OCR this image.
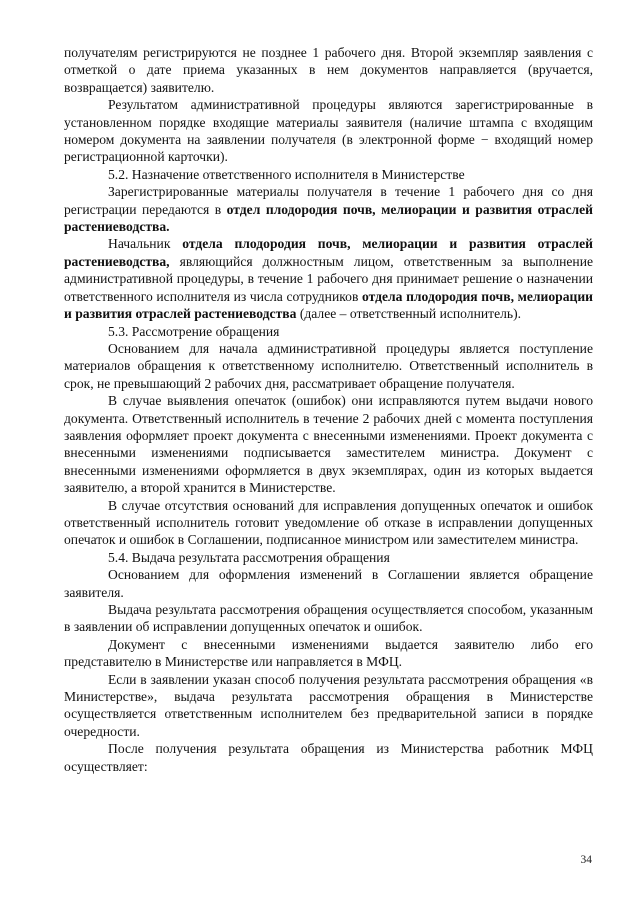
получателям регистрируются не позднее 1 рабочего дня. Второй экземпляр заявления с отметкой о дате приема указанных в нем документов направляется (вручается, возвращается) заявителю.

Результатом административной процедуры являются зарегистрированные в установленном порядке входящие материалы заявителя (наличие штампа с входящим номером документа на заявлении получателя (в электронной форме − входящий номер регистрационной карточки).

5.2. Назначение ответственного исполнителя в Министерстве

Зарегистрированные материалы получателя в течение 1 рабочего дня со дня регистрации передаются в отдел плодородия почв, мелиорации и развития отраслей растениеводства.

Начальник отдела плодородия почв, мелиорации и развития отраслей растениеводства, являющийся должностным лицом, ответственным за выполнение административной процедуры, в течение 1 рабочего дня принимает решение о назначении ответственного исполнителя из числа сотрудников отдела плодородия почв, мелиорации и развития отраслей растениеводства (далее – ответственный исполнитель).

5.3. Рассмотрение обращения

Основанием для начала административной процедуры является поступление материалов обращения к ответственному исполнителю. Ответственный исполнитель в срок, не превышающий 2 рабочих дня, рассматривает обращение получателя.

В случае выявления опечаток (ошибок) они исправляются путем выдачи нового документа. Ответственный исполнитель в течение 2 рабочих дней с момента поступления заявления оформляет проект документа с внесенными изменениями. Проект документа с внесенными изменениями подписывается заместителем министра. Документ с внесенными изменениями оформляется в двух экземплярах, один из которых выдается заявителю, а второй хранится в Министерстве.

В случае отсутствия оснований для исправления допущенных опечаток и ошибок ответственный исполнитель готовит уведомление об отказе в исправлении допущенных опечаток и ошибок в Соглашении, подписанное министром или заместителем министра.

5.4. Выдача результата рассмотрения обращения

Основанием для оформления изменений в Соглашении является обращение заявителя.

Выдача результата рассмотрения обращения осуществляется способом, указанным в заявлении об исправлении допущенных опечаток и ошибок.

Документ с внесенными изменениями выдается заявителю либо его представителю в Министерстве или направляется в МФЦ.

Если в заявлении указан способ получения результата рассмотрения обращения «в Министерстве», выдача результата рассмотрения обращения в Министерстве осуществляется ответственным исполнителем без предварительной записи в порядке очередности.

После получения результата обращения из Министерства работник МФЦ осуществляет:

34
